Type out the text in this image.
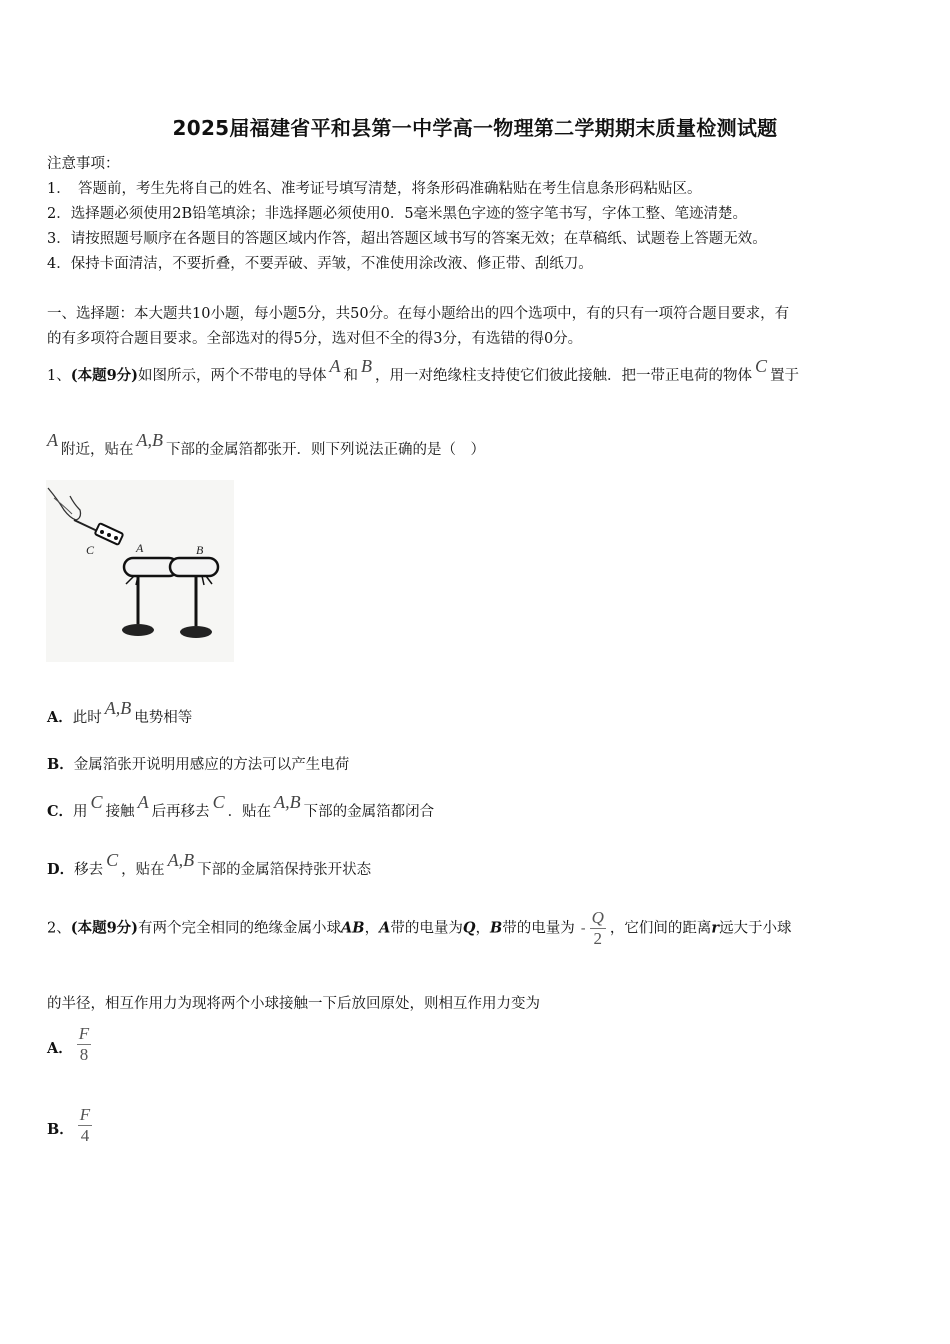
2025届福建省平和县第一中学高一物理第二学期期末质量检测试题
注意事项：
1．　答题前，考生先将自己的姓名、准考证号填写清楚，将条形码准确粘贴在考生信息条形码粘贴区。
2．选择题必须使用2B铅笔填涂；非选择题必须使用0．5毫米黑色字迹的签字笔书写，字体工整、笔迹清楚。
3．请按照题号顺序在各题目的答题区域内作答，超出答题区域书写的答案无效；在草稿纸、试题卷上答题无效。
4．保持卡面清洁，不要折叠，不要弄破、弄皱，不准使用涂改液、修正带、刮纸刀。
一、选择题：本大题共10小题，每小题5分，共50分。在每小题给出的四个选项中，有的只有一项符合题目要求，有
的有多项符合题目要求。全部选对的得5分，选对但不全的得3分，有选错的得0分。
1、(本题9分)如图所示，两个不带电的导体 A 和 B ，用一对绝缘柱支持使它们彼此接触．把一带正电荷的物体 C 置于
A 附近，贴在 A,B 下部的金属箔都张开．则下列说法正确的是（　）
C	A	B
A．此时 A,B 电势相等
B．金属箔张开说明用感应的方法可以产生电荷
C．用 C 接触 A 后再移去 C ．贴在 A,B 下部的金属箔都闭合
D．移去 C ，贴在 A,B 下部的金属箔保持张开状态
2、(本题9分)有两个完全相同的绝缘金属小球AB，A带的电量为Q，B带的电量为 - $\frac{Q}{2}$ ，它们间的距离r远大于小球
的半径，相互作用力为现将两个小球接触一下后放回原处，则相互作用力变为
A． $\frac{F}{8}$
B． $\frac{F}{4}$
